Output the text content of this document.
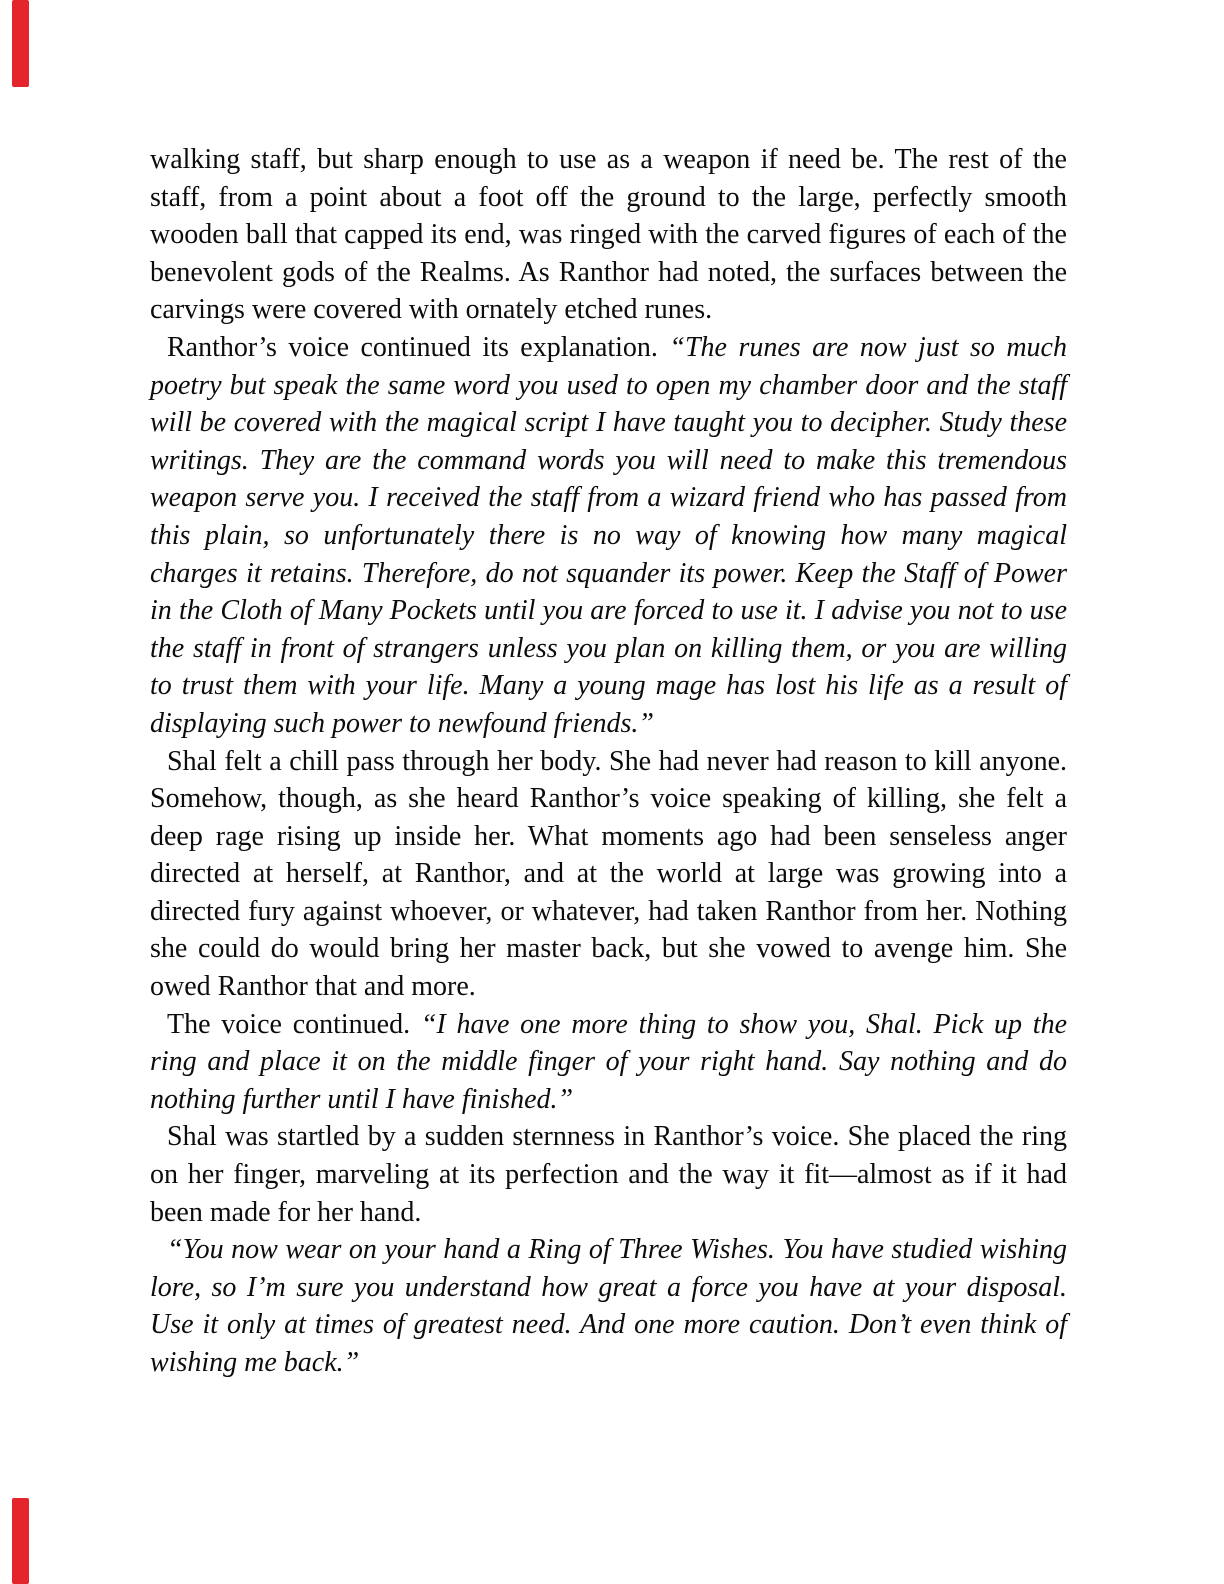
walking staff, but sharp enough to use as a weapon if need be. The rest of the staff, from a point about a foot off the ground to the large, perfectly smooth wooden ball that capped its end, was ringed with the carved figures of each of the benevolent gods of the Realms. As Ranthor had noted, the surfaces between the carvings were covered with ornately etched runes.

Ranthor’s voice continued its explanation. “The runes are now just so much poetry but speak the same word you used to open my chamber door and the staff will be covered with the magical script I have taught you to decipher. Study these writings. They are the command words you will need to make this tremendous weapon serve you. I received the staff from a wizard friend who has passed from this plain, so unfortunately there is no way of knowing how many magical charges it retains. Therefore, do not squander its power. Keep the Staff of Power in the Cloth of Many Pockets until you are forced to use it. I advise you not to use the staff in front of strangers unless you plan on killing them, or you are willing to trust them with your life. Many a young mage has lost his life as a result of displaying such power to newfound friends.”

Shal felt a chill pass through her body. She had never had reason to kill anyone. Somehow, though, as she heard Ranthor’s voice speaking of killing, she felt a deep rage rising up inside her. What moments ago had been senseless anger directed at herself, at Ranthor, and at the world at large was growing into a directed fury against whoever, or whatever, had taken Ranthor from her. Nothing she could do would bring her master back, but she vowed to avenge him. She owed Ranthor that and more.

The voice continued. “I have one more thing to show you, Shal. Pick up the ring and place it on the middle finger of your right hand. Say nothing and do nothing further until I have finished.”

Shal was startled by a sudden sternness in Ranthor’s voice. She placed the ring on her finger, marveling at its perfection and the way it fit—almost as if it had been made for her hand.

“You now wear on your hand a Ring of Three Wishes. You have studied wishing lore, so I’m sure you understand how great a force you have at your disposal. Use it only at times of greatest need. And one more caution. Don’t even think of wishing me back.”
